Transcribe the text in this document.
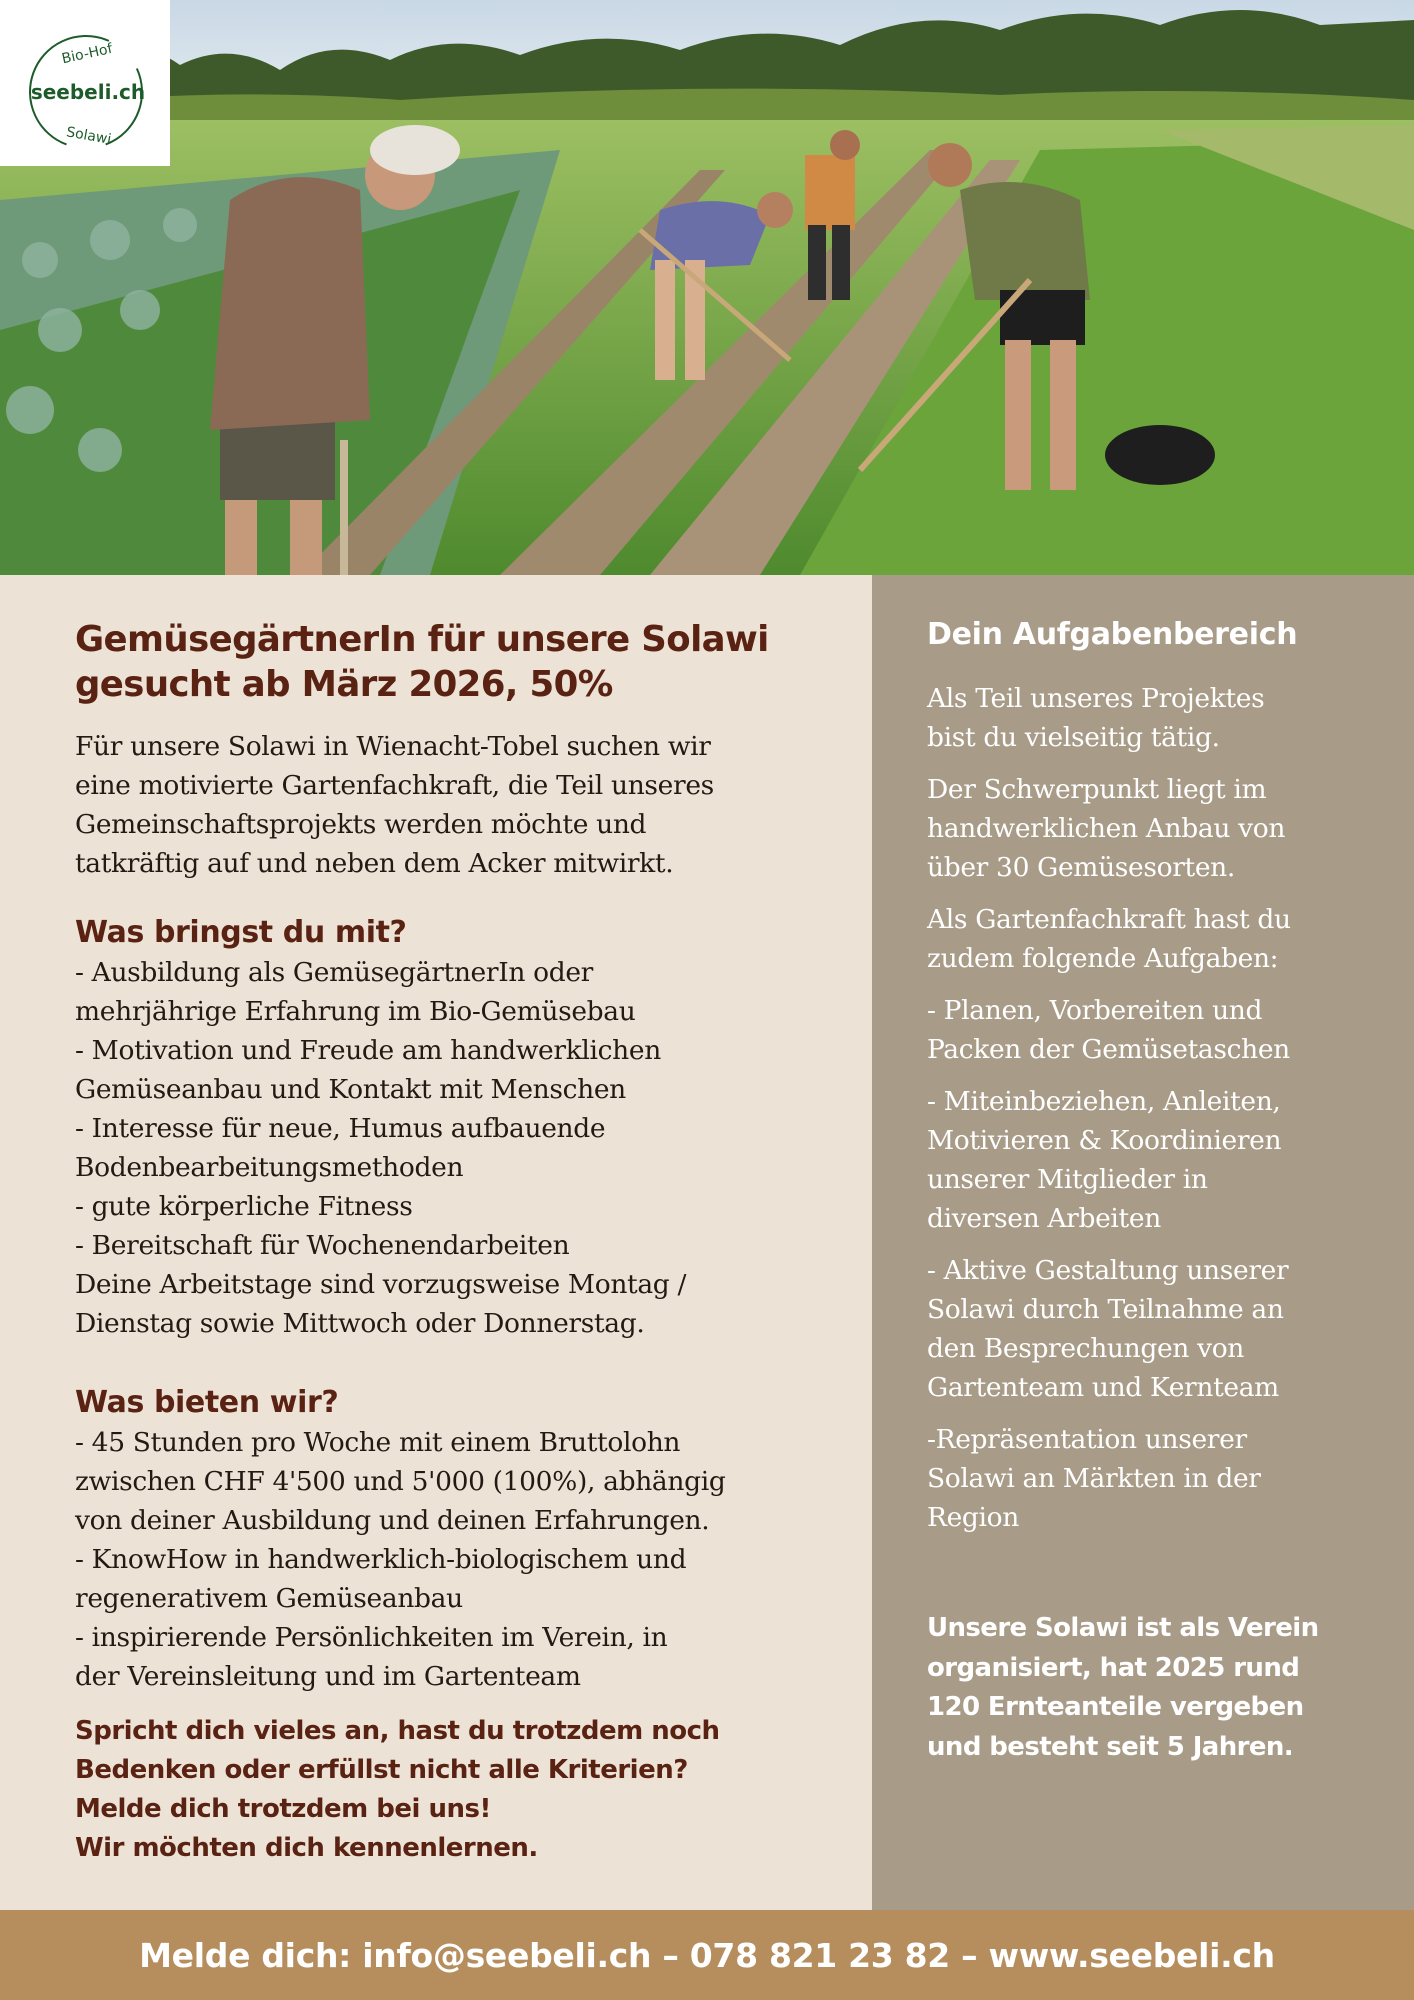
Bio-Hof
seebeli.ch
Solawi
GemüsegärtnerIn für unsere Solawi
gesucht ab März 2026, 50%
Für unsere Solawi in Wienacht-Tobel suchen wir
eine motivierte Gartenfachkraft, die Teil unseres
Gemeinschaftsprojekts werden möchte und
tatkräftig auf und neben dem Acker mitwirkt.
Was bringst du mit?
- Ausbildung als GemüsegärtnerIn oder
mehrjährige Erfahrung im Bio-Gemüsebau
- Motivation und Freude am handwerklichen
Gemüseanbau und Kontakt mit Menschen
- Interesse für neue, Humus aufbauende
Bodenbearbeitungsmethoden
- gute körperliche Fitness
- Bereitschaft für Wochenendarbeiten
Deine Arbeitstage sind vorzugsweise Montag /
Dienstag sowie Mittwoch oder Donnerstag.
Was bieten wir?
- 45 Stunden pro Woche mit einem Bruttolohn
zwischen CHF 4'500 und 5'000 (100%), abhängig
von deiner Ausbildung und deinen Erfahrungen.
- KnowHow in handwerklich-biologischem und
regenerativem Gemüseanbau
- inspirierende Persönlichkeiten im Verein, in
der Vereinsleitung und im Gartenteam
Spricht dich vieles an, hast du trotzdem noch
Bedenken oder erfüllst nicht alle Kriterien?
Melde dich trotzdem bei uns!
Wir möchten dich kennenlernen.
Dein Aufgabenbereich
Als Teil unseres Projektes
bist du vielseitig tätig.
Der Schwerpunkt liegt im
handwerklichen Anbau von
über 30 Gemüsesorten.
Als Gartenfachkraft hast du
zudem folgende Aufgaben:
- Planen, Vorbereiten und
Packen der Gemüsetaschen
- Miteinbeziehen, Anleiten,
Motivieren & Koordinieren
unserer Mitglieder in
diversen Arbeiten
- Aktive Gestaltung unserer
Solawi durch Teilnahme an
den Besprechungen von
Gartenteam und Kernteam
-Repräsentation unserer
Solawi an Märkten in der
Region
Unsere Solawi ist als Verein
organisiert, hat 2025 rund
120 Ernteanteile vergeben
und besteht seit 5 Jahren.
Melde dich: info@seebeli.ch – 078 821 23 82 – www.seebeli.ch
